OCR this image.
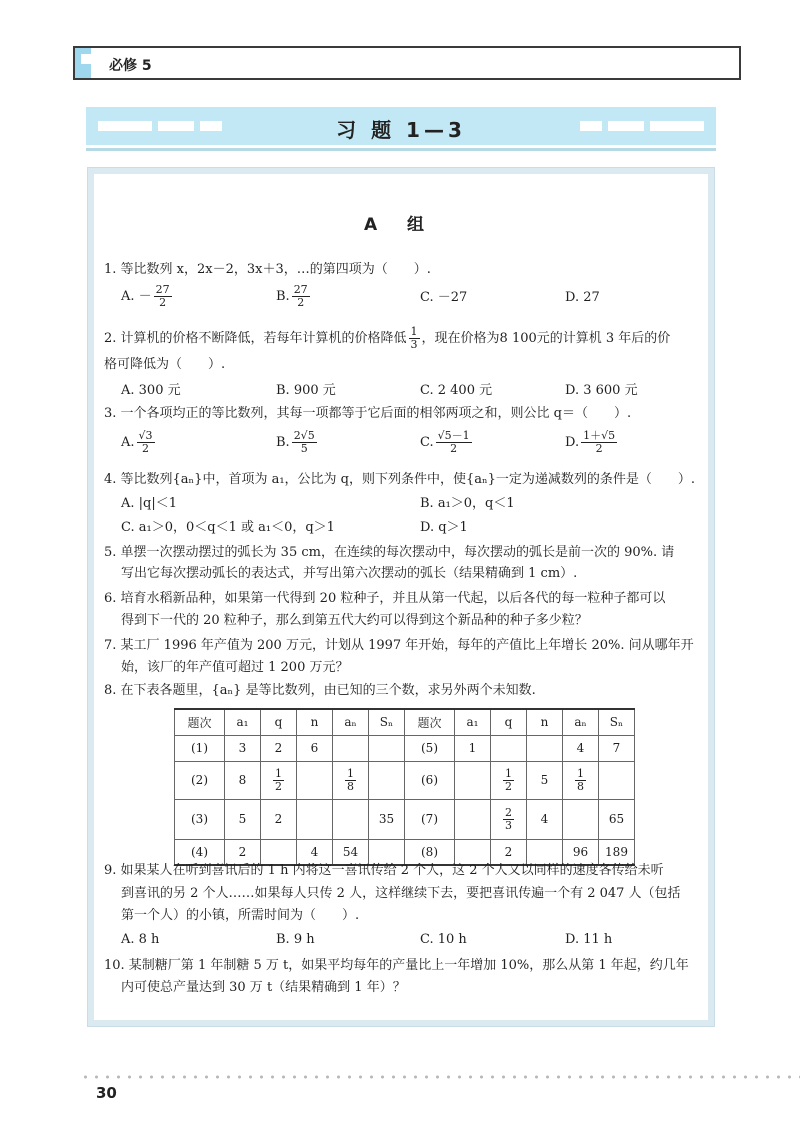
必修 5
习 题 1—3
A 组
1. 等比数列 x，2x－2，3x＋3，…的第四项为（　　）.
A. － $\frac{27}{2}$	B. $\frac{27}{2}$	C. －27	D. 27
2. 计算机的价格不断降低，若每年计算机的价格降低 $\frac{1}{3}$ ，现在价格为8 100元的计算机 3 年后的价
格可降低为（　　）.
A. 300 元	B. 900 元	C. 2 400 元	D. 3 600 元
3. 一个各项均正的等比数列，其每一项都等于它后面的相邻两项之和，则公比 q＝（　　）.
A. $\frac{√3}{2}$	B. $\frac{2√5}{5}$	C. $\frac{√5-1}{2}$	D. $\frac{1+√5}{2}$
4. 等比数列{aₙ}中，首项为 a₁，公比为 q，则下列条件中，使{aₙ}一定为递减数列的条件是（　　）.
A. |q|＜1	B. a₁＞0，q＜1
C. a₁＞0，0＜q＜1 或 a₁＜0，q＞1	D. q＞1
5. 单摆一次摆动摆过的弧长为 35 cm，在连续的每次摆动中，每次摆动的弧长是前一次的 90%. 请
写出它每次摆动弧长的表达式，并写出第六次摆动的弧长（结果精确到 1 cm）.
6. 培育水稻新品种，如果第一代得到 20 粒种子，并且从第一代起，以后各代的每一粒种子都可以
得到下一代的 20 粒种子，那么到第五代大约可以得到这个新品种的种子多少粒？
7. 某工厂 1996 年产值为 200 万元，计划从 1997 年开始，每年的产值比上年增长 20%. 问从哪年开
始，该厂的年产值可超过 1 200 万元？
8. 在下表各题里，{aₙ} 是等比数列，由已知的三个数，求另外两个未知数.
题次	a₁	q	n	aₙ	Sₙ	题次	a₁	q	n	aₙ	Sₙ
(1)	3	2	6			(5)	1			4	7
(2)	8	$\frac{1}{2}$		$\frac{1}{8}$		(6)		$\frac{1}{2}$	5	$\frac{1}{8}$

(3)	5	2			35	(7)		$\frac{2}{3}$	4		65
(4)	2		4	54		(8)		2		96	189
9. 如果某人在听到喜讯后的 1 h 内将这一喜讯传给 2 个人，这 2 个人又以同样的速度各传给未听
到喜讯的另 2 个人……如果每人只传 2 人，这样继续下去，要把喜讯传遍一个有 2 047 人（包括
第一个人）的小镇，所需时间为（　　）.
A. 8 h	B. 9 h	C. 10 h	D. 11 h
10. 某制糖厂第 1 年制糖 5 万 t，如果平均每年的产量比上一年增加 10%，那么从第 1 年起，约几年
内可使总产量达到 30 万 t（结果精确到 1 年）？
30
